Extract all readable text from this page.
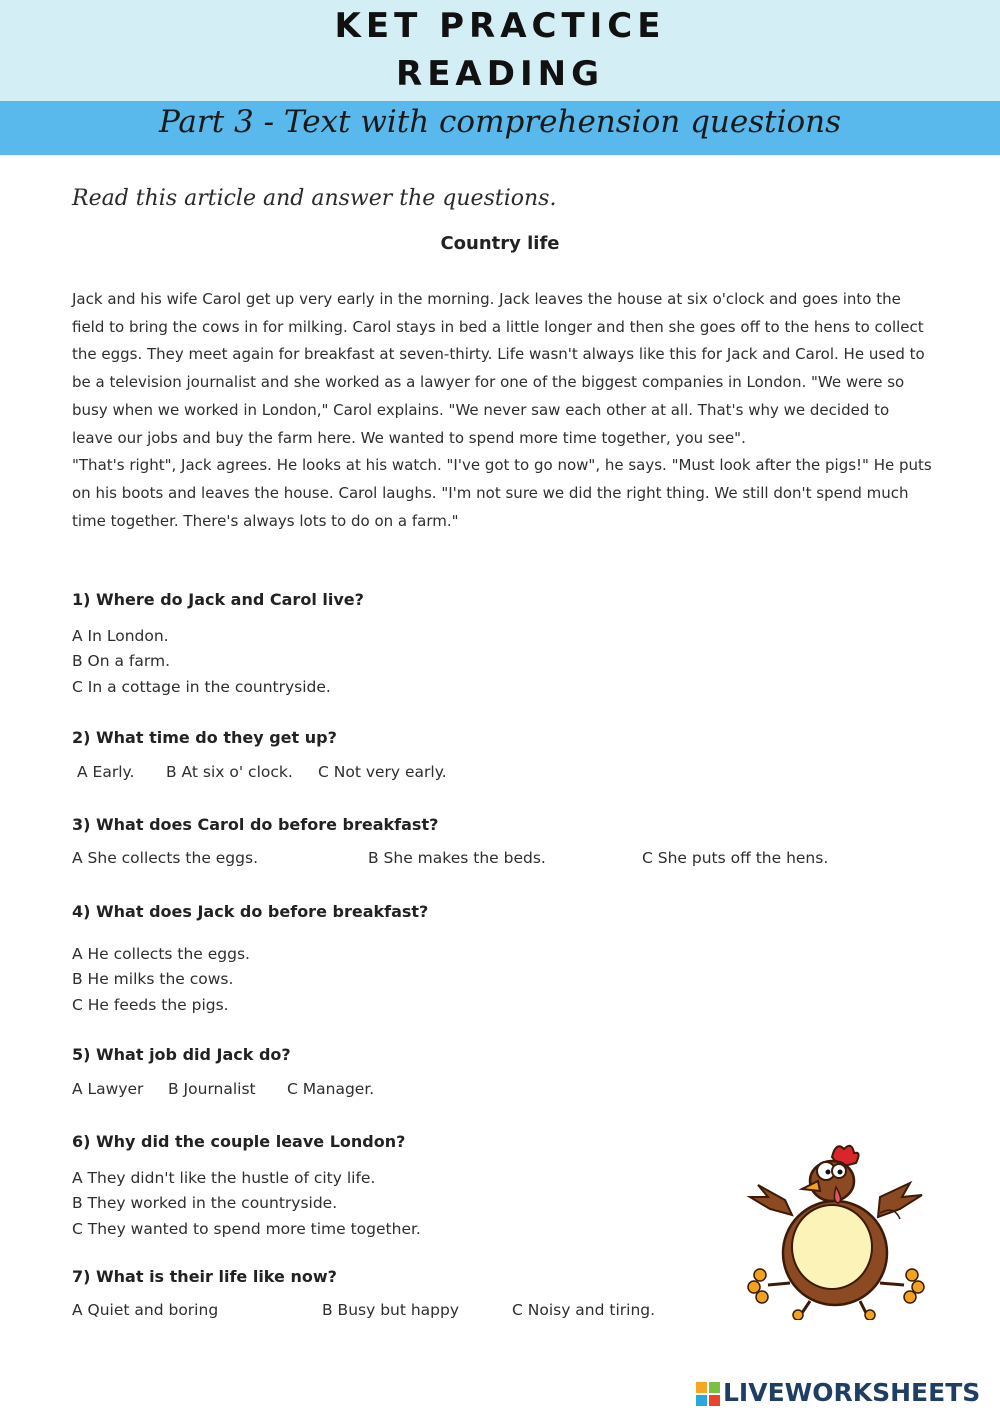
KET PRACTICE
READING
Part 3 - Text with comprehension questions
Read this article and answer the questions.
Country life

Jack and his wife Carol get up very early in the morning. Jack leaves the house at six o'clock and goes into the field to bring the cows in for milking. Carol stays in bed a little longer and then she goes off to the hens to collect the eggs. They meet again for breakfast at seven-thirty. Life wasn't always like this for Jack and Carol. He used to be a television journalist and she worked as a lawyer for one of the biggest companies in London. "We were so busy when we worked in London," Carol explains. "We never saw each other at all. That's why we decided to leave our jobs and buy the farm here. We wanted to spend more time together, you see".

"That's right", Jack agrees. He looks at his watch. "I've got to go now", he says. "Must look after the pigs!" He puts on his boots and leaves the house. Carol laughs. "I'm not sure we did the right thing. We still don't spend much time together. There's always lots to do on a farm."

1) Where do Jack and Carol live?
A In London.
B On a farm.
C In a cottage in the countryside.
2) What time do they get up?
A Early. B At six o' clock. C Not very early.
3) What does Carol do before breakfast?
A She collects the eggs.	B She makes the beds.	C She puts off the hens.
4) What does Jack do before breakfast?
A He collects the eggs.
B He milks the cows.
C He feeds the pigs.
5) What job did Jack do?
A Lawyer B Journalist C Manager.
6) Why did the couple leave London?
A They didn't like the hustle of city life.
B They worked in the countryside.
C They wanted to spend more time together.
7) What is their life like now?
A Quiet and boring	B Busy but happy	C Noisy and tiring.
LIVEWORKSHEETS
